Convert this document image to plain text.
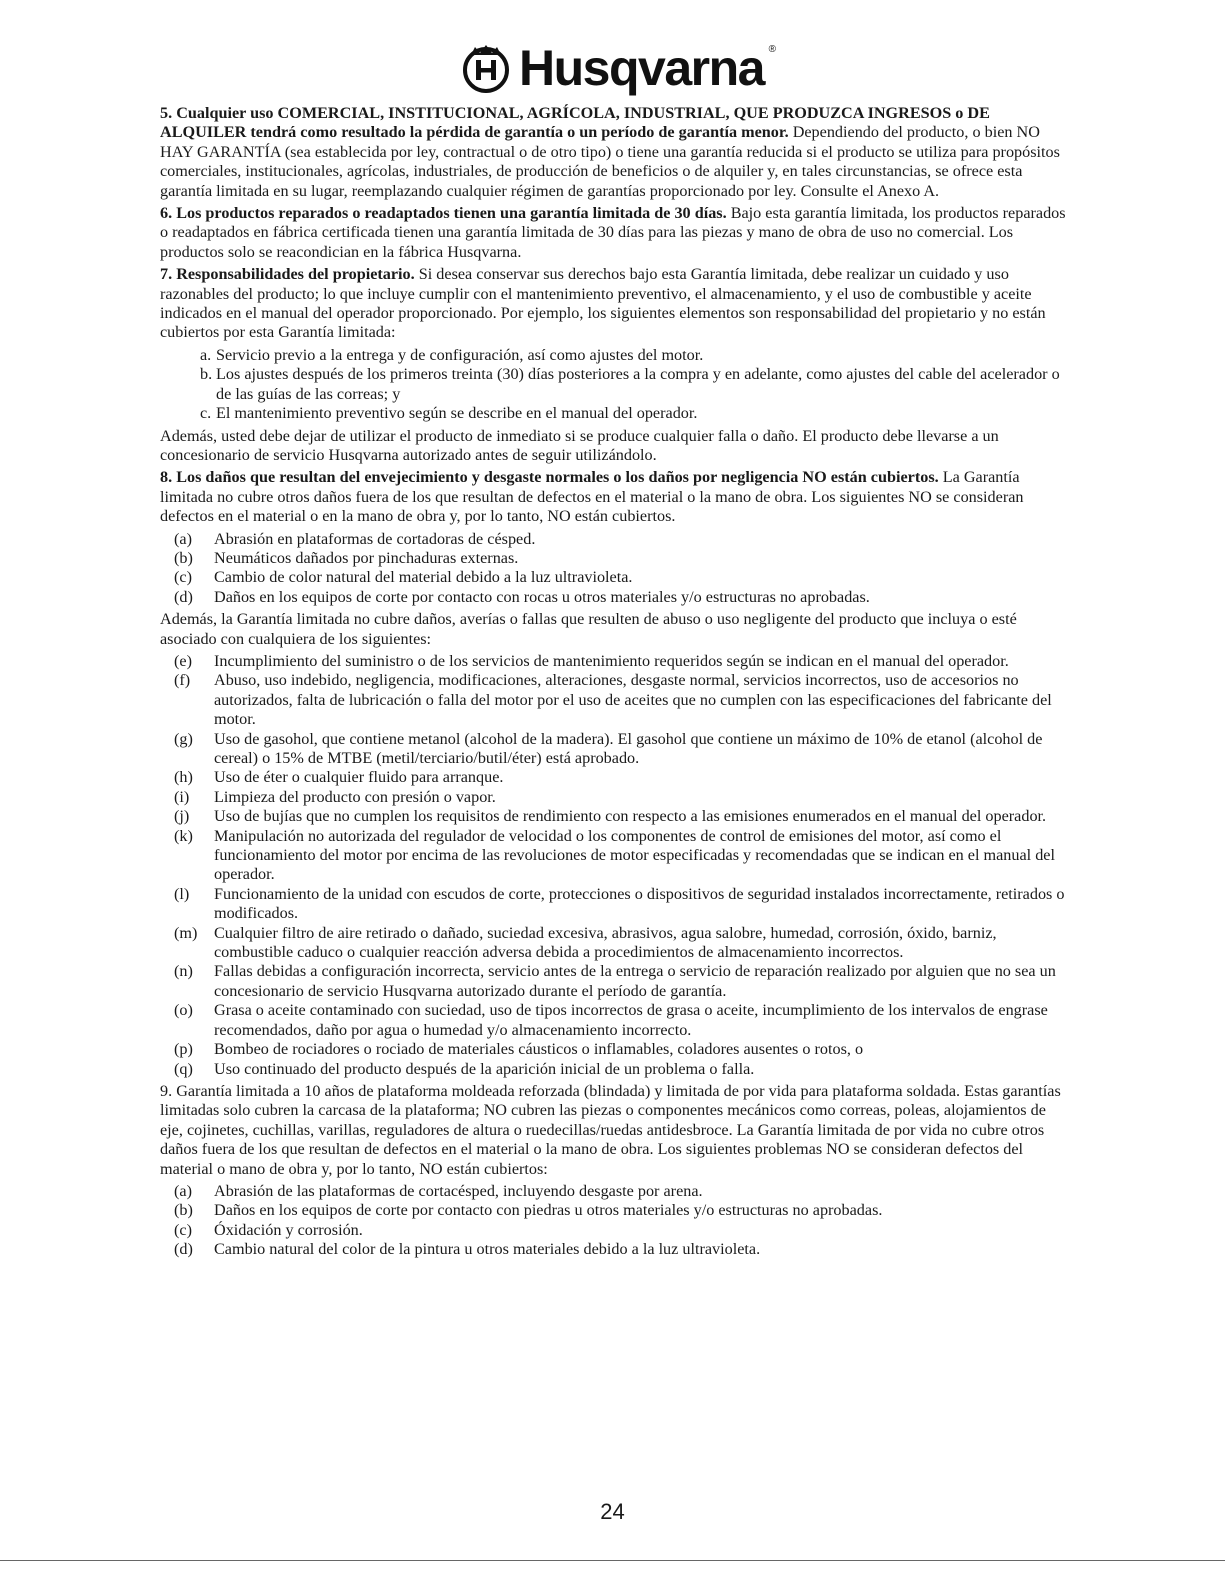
Husqvarna ®

5. Cualquier uso COMERCIAL, INSTITUCIONAL, AGRÍCOLA, INDUSTRIAL, QUE PRODUZCA INGRESOS o DE ALQUILER tendrá como resultado la pérdida de garantía o un período de garantía menor. Dependiendo del producto, o bien NO HAY GARANTÍA (sea establecida por ley, contractual o de otro tipo) o tiene una garantía reducida si el producto se utiliza para propósitos comerciales, institucionales, agrícolas, industriales, de producción de beneficios o de alquiler y, en tales circunstancias, se ofrece esta garantía limitada en su lugar, reemplazando cualquier régimen de garantías proporcionado por ley. Consulte el Anexo A.

6. Los productos reparados o readaptados tienen una garantía limitada de 30 días. Bajo esta garantía limitada, los productos reparados o readaptados en fábrica certificada tienen una garantía limitada de 30 días para las piezas y mano de obra de uso no comercial. Los productos solo se reacondician en la fábrica Husqvarna.

7. Responsabilidades del propietario. Si desea conservar sus derechos bajo esta Garantía limitada, debe realizar un cuidado y uso razonables del producto; lo que incluye cumplir con el mantenimiento preventivo, el almacenamiento, y el uso de combustible y aceite indicados en el manual del operador proporcionado. Por ejemplo, los siguientes elementos son responsabilidad del propietario y no están cubiertos por esta Garantía limitada:

a. Servicio previo a la entrega y de configuración, así como ajustes del motor.
b. Los ajustes después de los primeros treinta (30) días posteriores a la compra y en adelante, como ajustes del cable del acelerador o de las guías de las correas; y
c. El mantenimiento preventivo según se describe en el manual del operador.

Además, usted debe dejar de utilizar el producto de inmediato si se produce cualquier falla o daño. El producto debe llevarse a un concesionario de servicio Husqvarna autorizado antes de seguir utilizándolo.

8. Los daños que resultan del envejecimiento y desgaste normales o los daños por negligencia NO están cubiertos. La Garantía limitada no cubre otros daños fuera de los que resultan de defectos en el material o la mano de obra. Los siguientes NO se consideran defectos en el material o en la mano de obra y, por lo tanto, NO están cubiertos.

(a)	Abrasión en plataformas de cortadoras de césped.
(b)	Neumáticos dañados por pinchaduras externas.
(c)	Cambio de color natural del material debido a la luz ultravioleta.
(d)	Daños en los equipos de corte por contacto con rocas u otros materiales y/o estructuras no aprobadas.

Además, la Garantía limitada no cubre daños, averías o fallas que resulten de abuso o uso negligente del producto que incluya o esté asociado con cualquiera de los siguientes:

(e)	Incumplimiento del suministro o de los servicios de mantenimiento requeridos según se indican en el manual del operador.
(f)	Abuso, uso indebido, negligencia, modificaciones, alteraciones, desgaste normal, servicios incorrectos, uso de accesorios no autorizados, falta de lubricación o falla del motor por el uso de aceites que no cumplen con las especificaciones del fabricante del motor.
(g)	Uso de gasohol, que contiene metanol (alcohol de la madera). El gasohol que contiene un máximo de 10% de etanol (alcohol de cereal) o 15% de MTBE (metil/terciario/butil/éter) está aprobado.
(h)	Uso de éter o cualquier fluido para arranque.
(i)	Limpieza del producto con presión o vapor.
(j)	Uso de bujías que no cumplen los requisitos de rendimiento con respecto a las emisiones enumerados en el manual del operador.
(k)	Manipulación no autorizada del regulador de velocidad o los componentes de control de emisiones del motor, así como el funcionamiento del motor por encima de las revoluciones de motor especificadas y recomendadas que se indican en el manual del operador.
(l)	Funcionamiento de la unidad con escudos de corte, protecciones o dispositivos de seguridad instalados incorrectamente, retirados o modificados.
(m)	Cualquier filtro de aire retirado o dañado, suciedad excesiva, abrasivos, agua salobre, humedad, corrosión, óxido, barniz, combustible caduco o cualquier reacción adversa debida a procedimientos de almacenamiento incorrectos.
(n)	Fallas debidas a configuración incorrecta, servicio antes de la entrega o servicio de reparación realizado por alguien que no sea un concesionario de servicio Husqvarna autorizado durante el período de garantía.
(o)	Grasa o aceite contaminado con suciedad, uso de tipos incorrectos de grasa o aceite, incumplimiento de los intervalos de engrase recomendados, daño por agua o humedad y/o almacenamiento incorrecto.
(p)	Bombeo de rociadores o rociado de materiales cáusticos o inflamables, coladores ausentes o rotos, o
(q)	Uso continuado del producto después de la aparición inicial de un problema o falla.

9. Garantía limitada a 10 años de plataforma moldeada reforzada (blindada) y limitada de por vida para plataforma soldada. Estas garantías limitadas solo cubren la carcasa de la plataforma; NO cubren las piezas o componentes mecánicos como correas, poleas, alojamientos de eje, cojinetes, cuchillas, varillas, reguladores de altura o ruedecillas/ruedas antidesbroce. La Garantía limitada de por vida no cubre otros daños fuera de los que resultan de defectos en el material o la mano de obra. Los siguientes problemas NO se consideran defectos del material o mano de obra y, por lo tanto, NO están cubiertos:

(a)	Abrasión de las plataformas de cortacésped, incluyendo desgaste por arena.
(b)	Daños en los equipos de corte por contacto con piedras u otros materiales y/o estructuras no aprobadas.
(c)	Óxidación y corrosión.
(d)	Cambio natural del color de la pintura u otros materiales debido a la luz ultravioleta.
24
